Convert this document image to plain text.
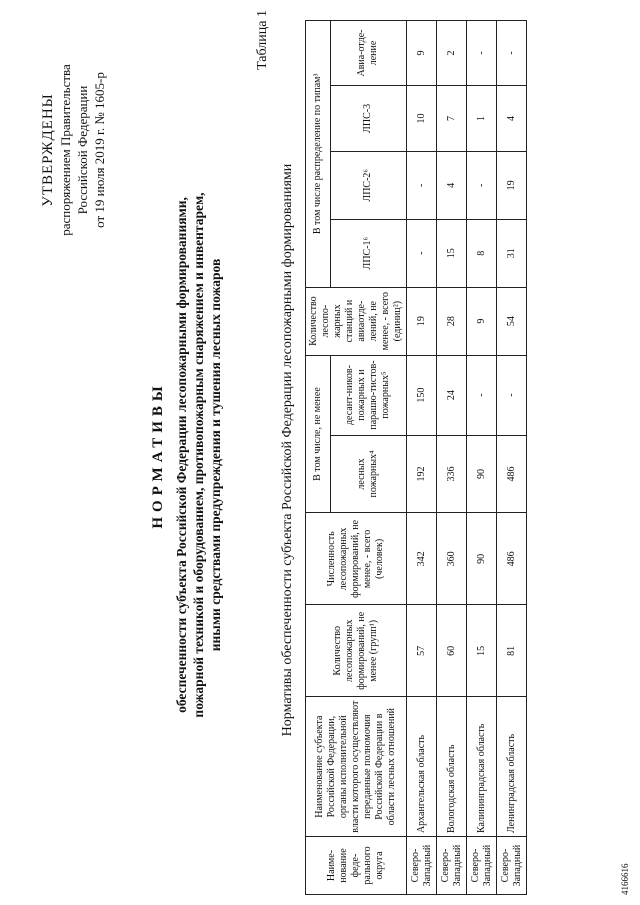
УТВЕРЖДЕНЫ распоряжением Правительства Российской Федерации от 19 июля 2019 г. № 1605-р
НОРМАТИВЫ обеспеченности субъекта Российской Федерации лесопожарными формированиями, пожарной техникой и оборудованием, противопожарным снаряжением и инвентарем, иными средствами предупреждения и тушения лесных пожаров
Таблица 1
Нормативы обеспеченности субъекта Российской Федерации лесопожарными формированиями
Наиме-нование феде-рального округа	Наименование субъекта Российской Федерации, органы исполнительной власти которого осуществляют переданные полномочия Российской Федерации в области лесных отношений	Количество лесопожарных формирований, не менее (групп¹)	Численность лесопожарных формирований, не менее, - всего (человек)	В том числе, не менее		Количество лесопо-жарных станций и авиаотде-лений, не менее, - всего (единиц²)	В том числе распределение по типам³			
				лесных пожарных⁴	десант-ников-пожарных и парашю-тистов-пожарных⁵		ЛПС-1⁶	ЛПС-2⁶	ЛПС-3	Авиа-отде-ление
Северо-Западный	Архангельская область	57	342	192	150	19	-	-	10	9
Северо-Западный	Вологодская область	60	360	336	24	28	15	4	7	2
Северо-Западный	Калининградская область	15	90	90	-	9	8	-	1	-
Северо-Западный	Ленинградская область	81	486	486	-	54	31	19	4	-
4166616
